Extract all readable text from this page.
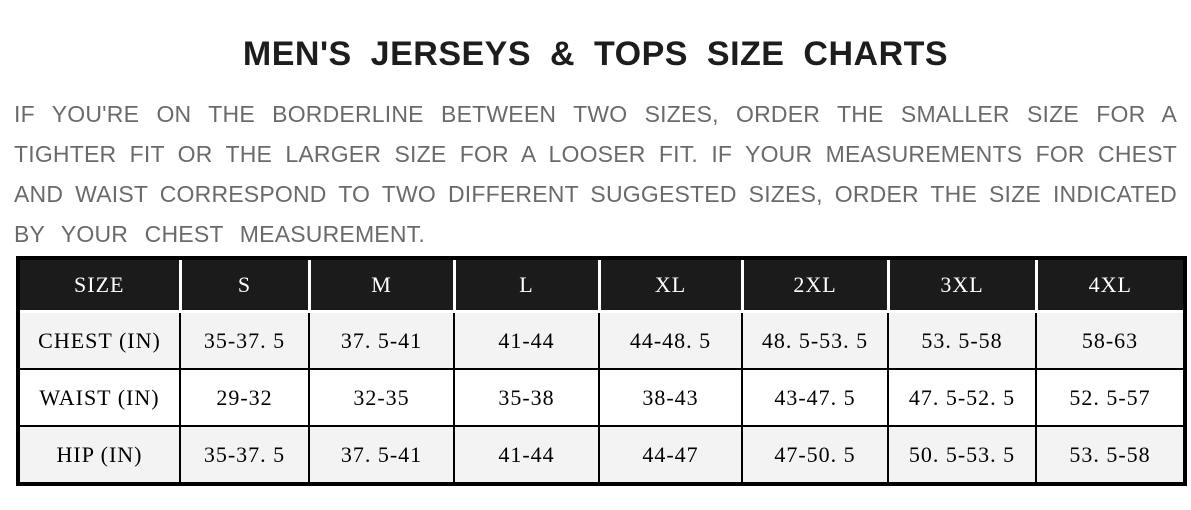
MEN'S JERSEYS & TOPS SIZE CHARTS
IF YOU'RE ON THE BORDERLINE BETWEEN TWO SIZES, ORDER THE SMALLER SIZE FOR A
TIGHTER FIT OR THE LARGER SIZE FOR A LOOSER FIT. IF YOUR MEASUREMENTS FOR CHEST
AND WAIST CORRESPOND TO TWO DIFFERENT SUGGESTED SIZES, ORDER THE SIZE INDICATED
BY YOUR CHEST MEASUREMENT.
SIZE	S	M	L	XL	2XL	3XL	4XL
CHEST (IN)	35-37. 5	37. 5-41	41-44	44-48. 5	48. 5-53. 5	53. 5-58	58-63
WAIST (IN)	29-32	32-35	35-38	38-43	43-47. 5	47. 5-52. 5	52. 5-57
HIP (IN)	35-37. 5	37. 5-41	41-44	44-47	47-50. 5	50. 5-53. 5	53. 5-58
